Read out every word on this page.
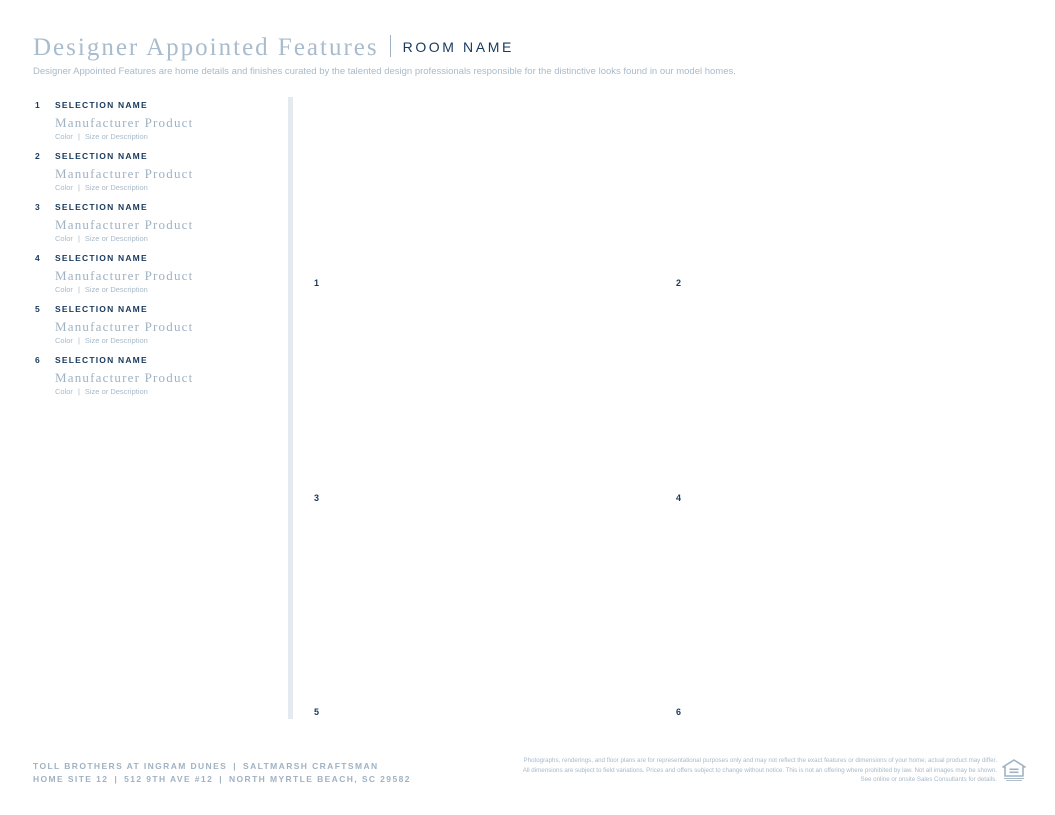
Designer Appointed Features ROOM NAME
Designer Appointed Features are home details and finishes curated by the talented design professionals responsible for the distinctive looks found in our model homes.
1 SELECTION NAME
Manufacturer Product
Color | Size or Description
2 SELECTION NAME
Manufacturer Product
Color | Size or Description
3 SELECTION NAME
Manufacturer Product
Color | Size or Description
4 SELECTION NAME
Manufacturer Product
Color | Size or Description
5 SELECTION NAME
Manufacturer Product
Color | Size or Description
6 SELECTION NAME
Manufacturer Product
Color | Size or Description
1	2
3	4
5	6
TOLL BROTHERS AT INGRAM DUNES | SALTMARSH CRAFTSMAN
HOME SITE 12 | 512 9TH AVE #12 | NORTH MYRTLE BEACH, SC 29582
Photographs, renderings, and floor plans are for representational purposes only and may not reflect the exact features or dimensions of your home; actual product may differ. All dimensions are subject to field variations. Prices and offers subject to change without notice. This is not an offering where prohibited by law. Not all images may be shown. See online or onsite Sales Consultants for details.
